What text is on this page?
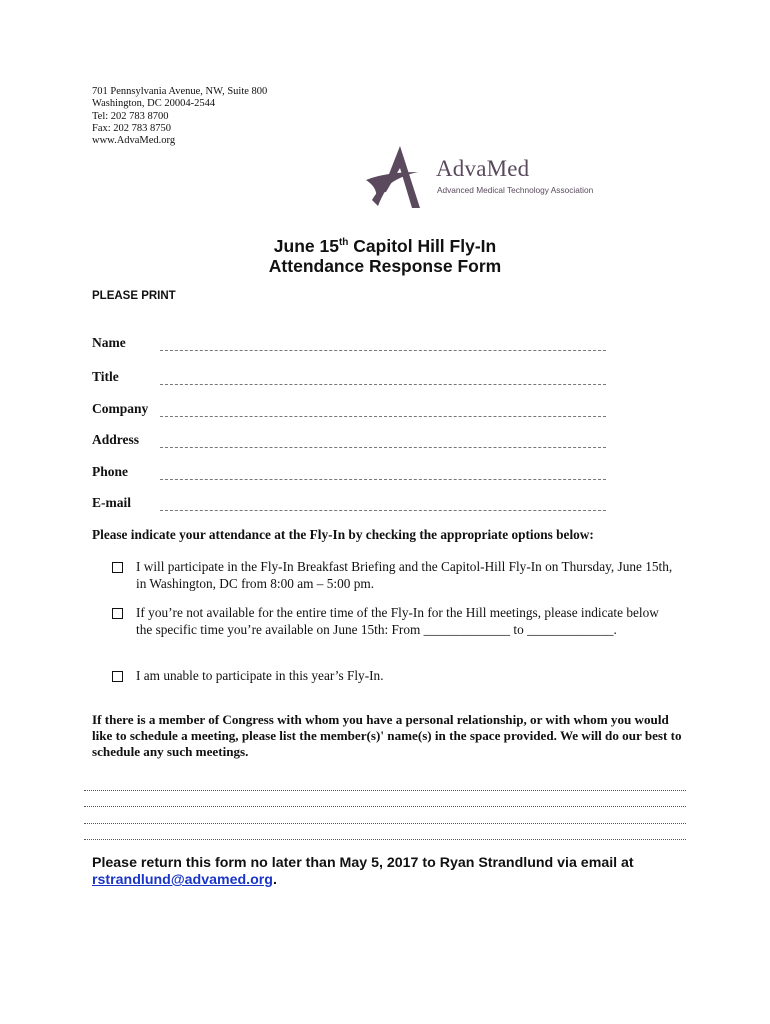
701 Pennsylvania Avenue, NW, Suite 800
Washington, DC 20004-2544
Tel: 202 783 8700
Fax: 202 783 8750
www.AdvaMed.org
AdvaMed
Advanced Medical Technology Association
June 15th Capitol Hill Fly-In
Attendance Response Form
PLEASE PRINT
Name
Title
Company
Address
Phone
E-mail
Please indicate your attendance at the Fly-In by checking the appropriate options below:
I will participate in the Fly-In Breakfast Briefing and the Capitol-Hill Fly-In on Thursday, June 15th, in Washington, DC from 8:00 am – 5:00 pm.
If you’re not available for the entire time of the Fly-In for the Hill meetings, please indicate below the specific time you’re available on June 15th: From _____________ to _____________.
I am unable to participate in this year’s Fly-In.
If there is a member of Congress with whom you have a personal relationship, or with whom you would like to schedule a meeting, please list the member(s)' name(s) in the space provided. We will do our best to schedule any such meetings.
Please return this form no later than May 5, 2017 to Ryan Strandlund via email at
rstrandlund@advamed.org.
